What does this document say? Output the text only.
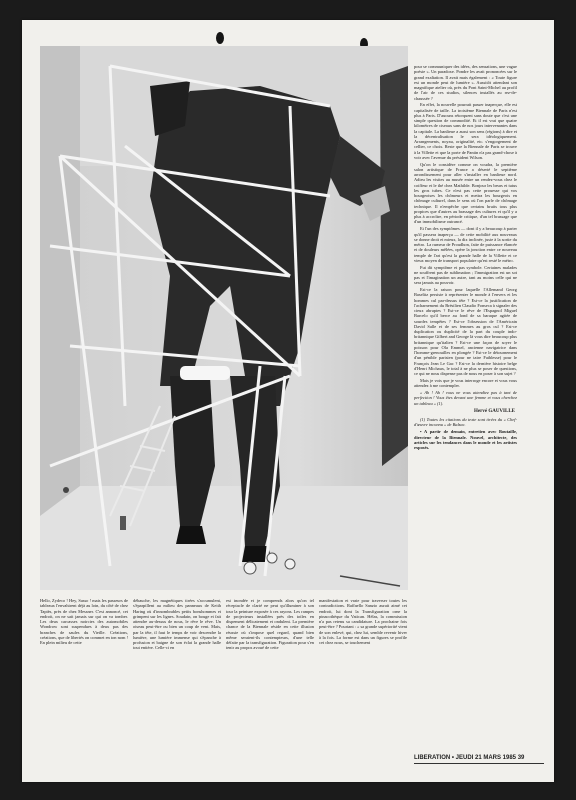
Hello, Zydeco ! Hey, Sasso ! mais les passeurs de tableaux l'envahirent déjà au loin, du côté de chez Tapiès, près de chez Messner. C'est annoncé, cet endroit, on ne sait jamais sur qui on va tomber. Les deux carcasses noircies des automobiles Wondrow sont suspendues à deux pas des branches de saules du Vieille. Créations, créations, que de libertés on commet en ton nom ! En plein milieu de cette

débauche, les magnétiques tirées s'accumulent, s'éparpillent au milieu des panneaux de Keith Haring où d'innombrables petits bonshommes et grimpent sur les lignes. Soudain, on bouge et fait attendre au-dessus de nous, le rêve le rêve. Un oiseau peut-être ou bien un coup de vent. Mais, par la tête, il faut le temps de voir descendre la lumière, une lumière immense qui s'épanche à profusion et baigne de son éclat la grande halle tout entière. Celle-ci en

est inondée et je comprends alors qu'on tel réceptacle de clarté ne peut qu'illuminer à son tour la peinture exposée à ces rayons. Les rampes de projecteurs installées près des toiles en dispensent délicatement et ondulent. La première chance de la Biennale réside en cette illusion réussie où s'impose quel regard, quand bien même seraient-ils contempteurs, d'une telle défaite par la transfiguration. Figuration pour s'en tenir au propos avoué de cette

manifestation et vraie pour traverser toutes les contradictions. Raffaello Sanzio aurait aimé cet endroit, lui dont la Transfiguration orne la pinacothèque du Vatican. Hélas, la commission n'a pas retenu sa candidature. La prochaine fois peut-être ? Pourtant : « sa grande supériorité vient de son enlevé, qui, chez lui, semble revenir hiver à la fois. La forme est dans un figures se profile cet chez nous, se touchement

pour se communiquer des idées, des sensations, une vague poésie ». Un paradoxe. Pondre les avait prononcées sur le grand exaltation. Il avait mais également : « Toute figure est un monde peut de lumière ». Aussitôt attendant son magnifique atelier où, près du Pont Saint-Michel au profil de l'air de ces studios, silences installés au rez-de-chaussée ?

En effet, la nouvelle pourrait passer inaperçue, elle est capitalisée de taille. La troisième Biennale de Paris n'est plus à Paris. D'aucuns rétorquent sans doute que c'est une simple question de commodité. Et il est vrai que quatre kilomètres de ciseaux sans de nos jours intervenantes dans la capitale. La banlieue a aussi son sens (régions) à dire et la décentralisation le sera idéologiquement. Arrangements, noyau, originalité, etc. s'engorgement de cellier, ce choix. Reste que la Biennale de Paris se trouve à la Villette et que la porte de Pantin n'a pas grand-chose à voir avec l'avenue du président Wilson.

Qu'on le considère comme on voudra, la première salon artistique de France a déserté le septième arrondissement pour aller s'installer en banlieue nord. Adieu les visites au musée entre un rendez-vous chez le coiffeur et le thé chez Mathilde. Bonjour les beurs et tutus les gros tubes. Ce n'est pas cette prouesse qui vos bourgeoises les chômeurs et mettra les bourgeois en chômage culturel, dans le sens où l'on parle de chômage technique. Il n'empêche que certains bruits tous plus propices que d'autres au brassage des cultures et qu'il y a plus à accroître, en période critique, d'un tel brassage que d'un immobilisme outrancé.

Et l'un des symptômes — dont il y a beaucoup à parier qu'il passera inaperçu — de cette mobilité aux nouveaux se donne droit et mieux, la dix inclinée, juste à la sortie du métro. La rumeur de Proudhon, faite de puissance élancée et de douleurs mêlées, opère la jonction entre ce nouveau temple de l'art qu'est la grande halle de la Villette et ce vieux moyen de transport populaire qu'est resté le métro.

Fut dit symptôme et pas symbole. Certaines malades ne souffrent pas de sublimation ; l'immigration est un sot pas et l'imagination un autre, tant au moins celle qui ne sera jamais au pouvoir.

Est-ce la raison pour laquelle l'Allemand Georg Baselitz persiste à représenter le monde à l'envers et les hommes cul par-dessus tête ? Est-ce la justification de l'acharnement du Brésilien Claudio Fonseca à signaler des cieux abruptes ? Est-ce le rêve de l'Espagnol Miguel Barcelo qu'il berce au fond de sa baraque agitée de sourdes tempêtes ? Est-ce l'obsession de l'Américain David Salle et de ses femmes au gros cul ? Est-ce duplication ou duplicité de la part du couple indo-britannique Gilbert and George là vous dire beaucoup plus britannique qu'italien ? Est-ce une façon de soyer le poisson pour Ola Emmel, ancienne navigatrice dans l'homme-grenouilles en plongée ? Est-ce le détournement d'un pénible parisien (pour ne taire Faiblesse) pour le François Jean Le Gac ? Est-ce la dernière histoire belge d'Henri Michaux, le total à ne plus se poser de questions, ce qui ne nous dispense pas de nous en poser à son sujet ?

Mais je vois que je vous interroge encore et vous vous attendez à me contempler.

« Ah ! Ah ! vous ne vous attendiez pas à tant de perfection ! Vous êtes devant une femme et vous cherchez un tableau » (1).

Hervé GAUVILLE

(1) Toutes les citations du texte sont tirées du « Chef-d'œuvre inconnu » de Balzac.

• A partir de demain, entretien avec Boutaille, directeur de la Biennale. Nouvel, architecte, des articles sur les tendances dans le monde et les artistes exposés.

LIBERATION • JEUDI 21 MARS 1985 39
